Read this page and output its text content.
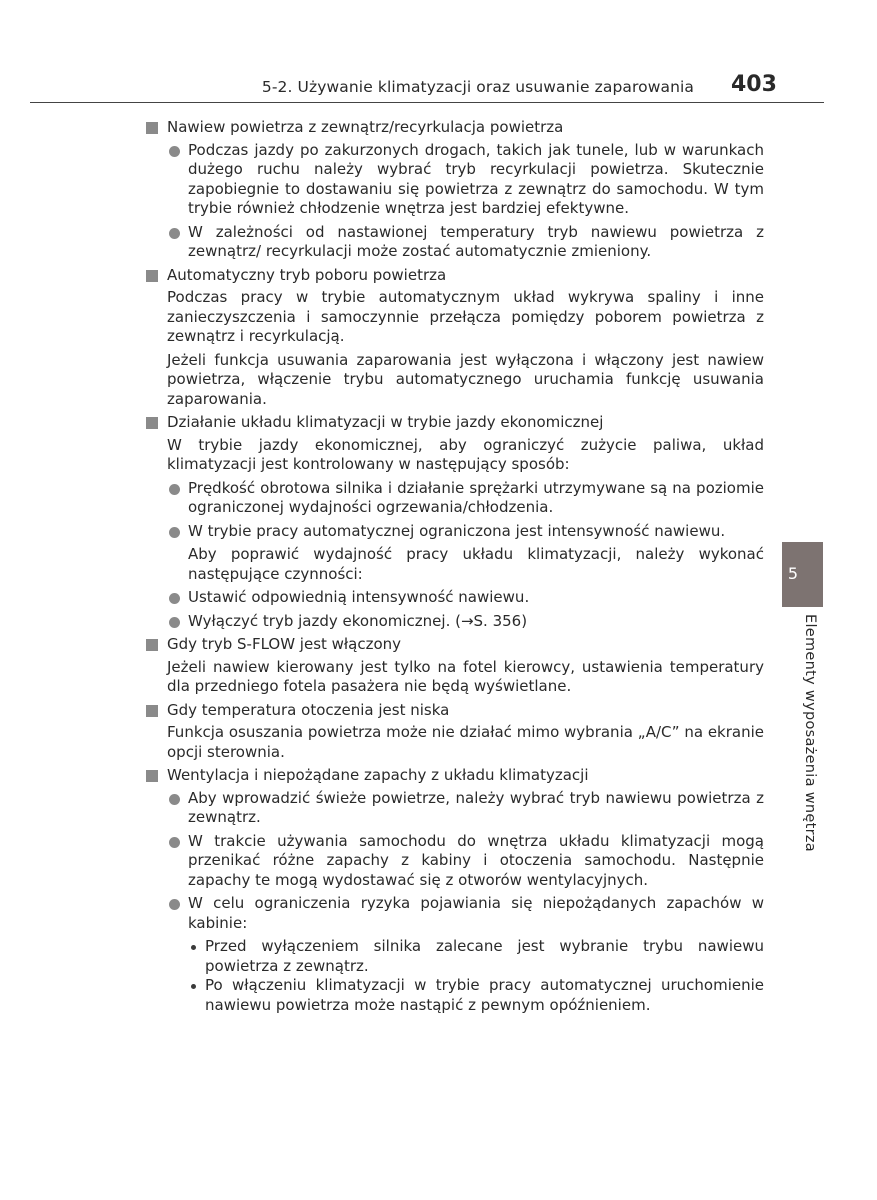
5-2. Używanie klimatyzacji oraz usuwanie zaparowania 403
Nawiew powietrza z zewnątrz/recyrkulacja powietrza
Podczas jazdy po zakurzonych drogach, takich jak tunele, lub w warunkach dużego ruchu należy wybrać tryb recyrkulacji powietrza. Skutecznie zapobiegnie to dostawaniu się powietrza z zewnątrz do samochodu. W tym trybie również chłodzenie wnętrza jest bardziej efektywne.
W zależności od nastawionej temperatury tryb nawiewu powietrza z zewnątrz/ recyrkulacji może zostać automatycznie zmieniony.
Automatyczny tryb poboru powietrza
Podczas pracy w trybie automatycznym układ wykrywa spaliny i inne zanieczyszczenia i samoczynnie przełącza pomiędzy poborem powietrza z zewnątrz i recyrkulacją.
Jeżeli funkcja usuwania zaparowania jest wyłączona i włączony jest nawiew powietrza, włączenie trybu automatycznego uruchamia funkcję usuwania zaparowania.
Działanie układu klimatyzacji w trybie jazdy ekonomicznej
W trybie jazdy ekonomicznej, aby ograniczyć zużycie paliwa, układ klimatyzacji jest kontrolowany w następujący sposób:
Prędkość obrotowa silnika i działanie sprężarki utrzymywane są na poziomie ograniczonej wydajności ogrzewania/chłodzenia.
W trybie pracy automatycznej ograniczona jest intensywność nawiewu.
Aby poprawić wydajność pracy układu klimatyzacji, należy wykonać następujące czynności:
Ustawić odpowiednią intensywność nawiewu.
Wyłączyć tryb jazdy ekonomicznej. (→S. 356)
Gdy tryb S-FLOW jest włączony
Jeżeli nawiew kierowany jest tylko na fotel kierowcy, ustawienia temperatury dla przedniego fotela pasażera nie będą wyświetlane.
Gdy temperatura otoczenia jest niska
Funkcja osuszania powietrza może nie działać mimo wybrania „A/C” na ekranie opcji sterownia.
Wentylacja i niepożądane zapachy z układu klimatyzacji
Aby wprowadzić świeże powietrze, należy wybrać tryb nawiewu powietrza z zewnątrz.
W trakcie używania samochodu do wnętrza układu klimatyzacji mogą przenikać różne zapachy z kabiny i otoczenia samochodu. Następnie zapachy te mogą wydostawać się z otworów wentylacyjnych.
W celu ograniczenia ryzyka pojawiania się niepożądanych zapachów w kabinie:
Przed wyłączeniem silnika zalecane jest wybranie trybu nawiewu powietrza z zewnątrz.
Po włączeniu klimatyzacji w trybie pracy automatycznej uruchomienie nawiewu powietrza może nastąpić z pewnym opóźnieniem.
5
Elementy wyposażenia wnętrza
